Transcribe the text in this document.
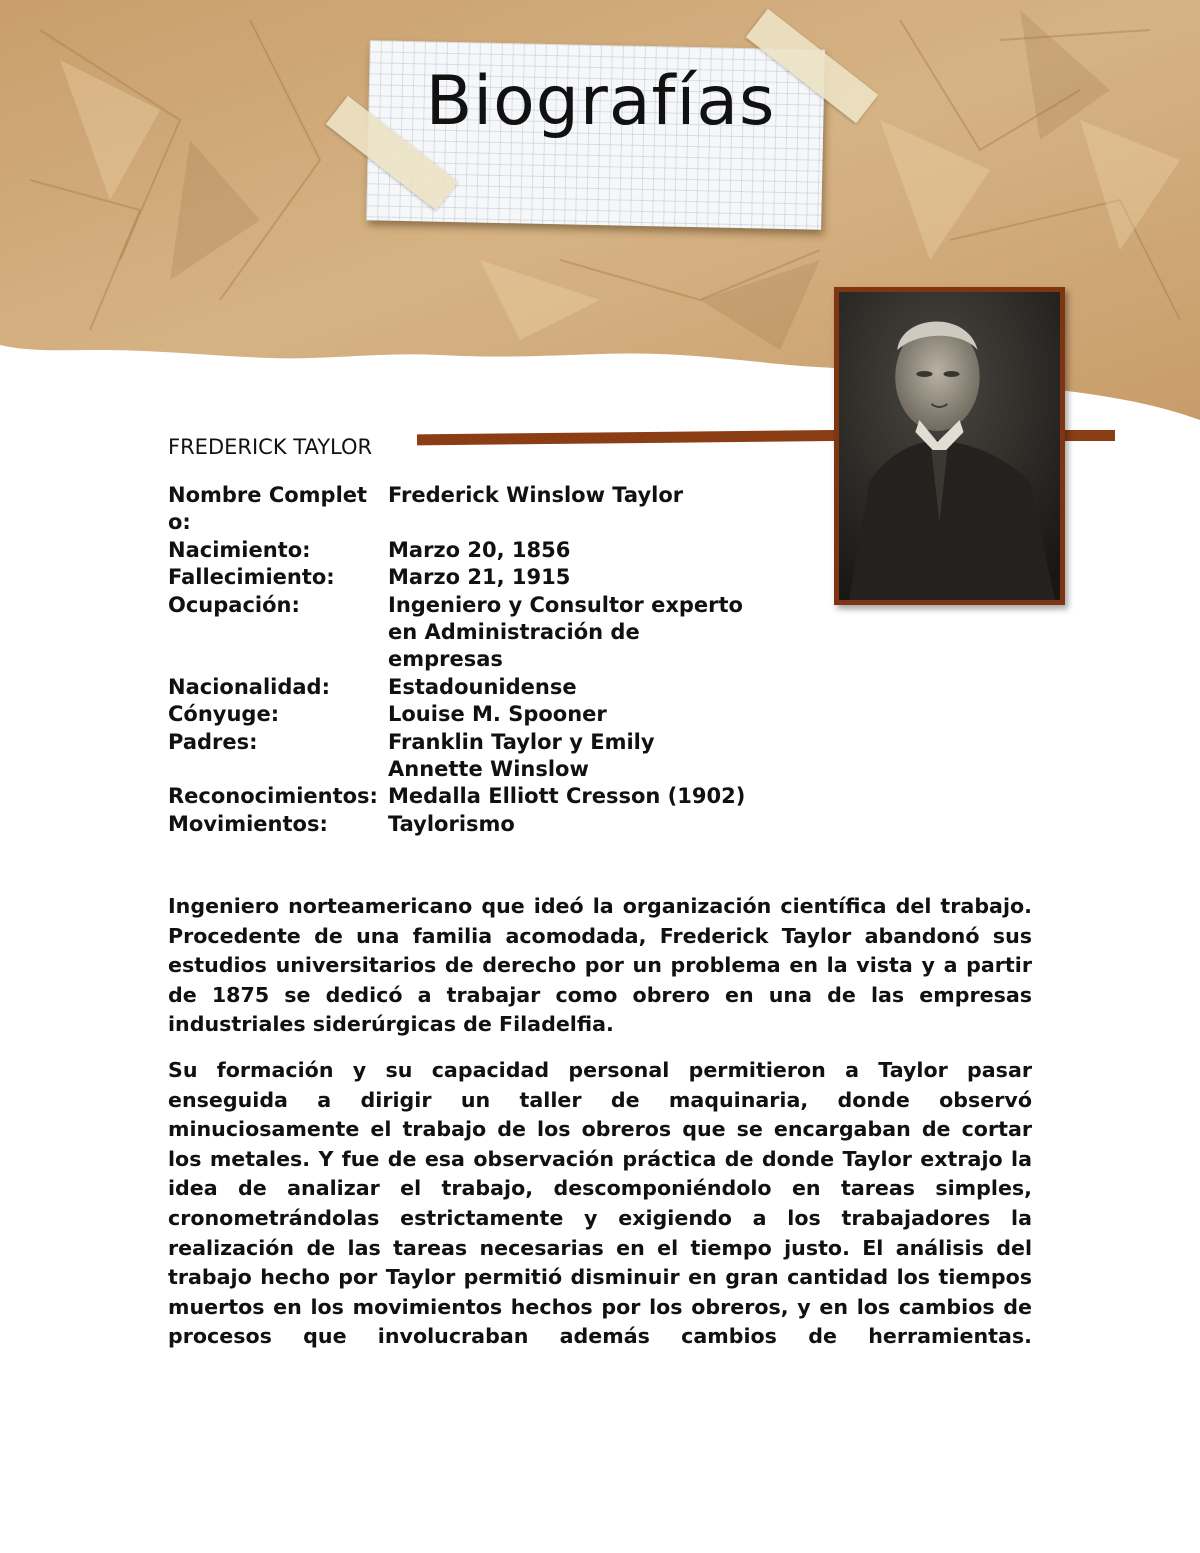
Biografías
FREDERICK TAYLOR
Nombre Completo:
Frederick Winslow Taylor
Nacimiento:	Marzo 20, 1856
Fallecimiento:	Marzo 21, 1915
Ocupación:	Ingeniero y Consultor experto en Administración de empresas
Nacionalidad:	Estadounidense
Cónyuge:	Louise M. Spooner
Padres:	Franklin Taylor y Emily Annette Winslow
Reconocimientos: Medalla Elliott Cresson (1902)
Movimientos:	Taylorismo

Ingeniero norteamericano que ideó la organización científica del trabajo. Procedente de una familia acomodada, Frederick Taylor abandonó sus estudios universitarios de derecho por un problema en la vista y a partir de 1875 se dedicó a trabajar como obrero en una de las empresas industriales siderúrgicas de Filadelfia.

Su formación y su capacidad personal permitieron a Taylor pasar enseguida a dirigir un taller de maquinaria, donde observó minuciosamente el trabajo de los obreros que se encargaban de cortar los metales. Y fue de esa observación práctica de donde Taylor extrajo la idea de analizar el trabajo, descomponiéndolo en tareas simples, cronometrándolas estrictamente y exigiendo a los trabajadores la realización de las tareas necesarias en el tiempo justo. El análisis del trabajo hecho por Taylor permitió disminuir en gran cantidad los tiempos muertos en los movimientos hechos por los obreros, y en los cambios de procesos que involucraban además cambios de herramientas.
